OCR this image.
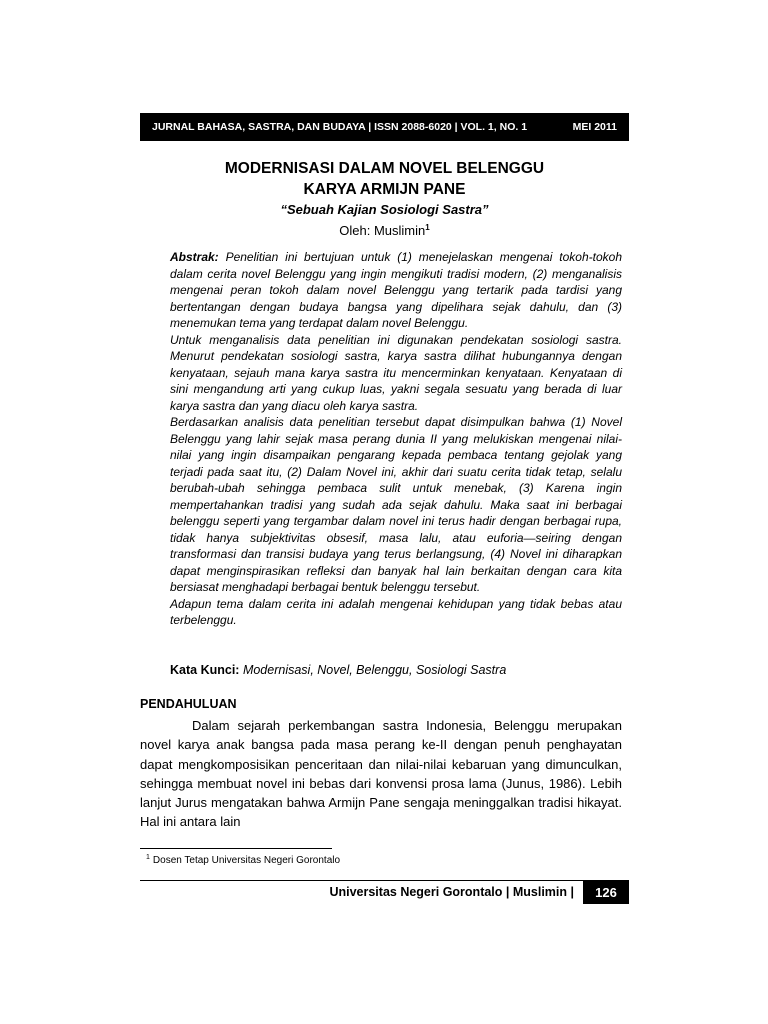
JURNAL BAHASA, SASTRA, DAN BUDAYA | ISSN 2088-6020 | VOL. 1, NO. 1	MEI 2011
MODERNISASI DALAM NOVEL BELENGGU
KARYA ARMIJN PANE
“Sebuah Kajian Sosiologi Sastra”
Oleh: Muslimin$^1$

Abstrak: Penelitian ini bertujuan untuk (1) menejelaskan mengenai tokoh-tokoh dalam cerita novel Belenggu yang ingin mengikuti tradisi modern, (2) menganalisis mengenai peran tokoh dalam novel Belenggu yang tertarik pada tardisi yang bertentangan dengan budaya bangsa yang dipelihara sejak dahulu, dan (3) menemukan tema yang terdapat dalam novel Belenggu.

Untuk menganalisis data penelitian ini digunakan pendekatan sosiologi sastra. Menurut pendekatan sosiologi sastra, karya sastra dilihat hubungannya dengan kenyataan, sejauh mana karya sastra itu mencerminkan kenyataan. Kenyataan di sini mengandung arti yang cukup luas, yakni segala sesuatu yang berada di luar karya sastra dan yang diacu oleh karya sastra.

Berdasarkan analisis data penelitian tersebut dapat disimpulkan bahwa (1) Novel Belenggu yang lahir sejak masa perang dunia II yang melukiskan mengenai nilai-nilai yang ingin disampaikan pengarang kepada pembaca tentang gejolak yang terjadi pada saat itu, (2) Dalam Novel ini, akhir dari suatu cerita tidak tetap, selalu berubah-ubah sehingga pembaca sulit untuk menebak, (3) Karena ingin mempertahankan tradisi yang sudah ada sejak dahulu. Maka saat ini berbagai belenggu seperti yang tergambar dalam novel ini terus hadir dengan berbagai rupa, tidak hanya subjektivitas obsesif, masa lalu, atau euforia—seiring dengan transformasi dan transisi budaya yang terus berlangsung, (4) Novel ini diharapkan dapat menginspirasikan refleksi dan banyak hal lain berkaitan dengan cara kita bersiasat menghadapi berbagai bentuk belenggu tersebut.

Adapun tema dalam cerita ini adalah mengenai kehidupan yang tidak bebas atau terbelenggu.

Kata Kunci: Modernisasi, Novel, Belenggu, Sosiologi Sastra
PENDAHULUAN

Dalam sejarah perkembangan sastra Indonesia, Belenggu merupakan novel karya anak bangsa pada masa perang ke-II dengan penuh penghayatan dapat mengkomposisikan penceritaan dan nilai-nilai kebaruan yang dimunculkan, sehingga membuat novel ini bebas dari konvensi prosa lama (Junus, 1986). Lebih lanjut Jurus mengatakan bahwa Armijn Pane sengaja meninggalkan tradisi hikayat. Hal ini antara lain

$^1$ Dosen Tetap Universitas Negeri Gorontalo
Universitas Negeri Gorontalo | Muslimin |	126
